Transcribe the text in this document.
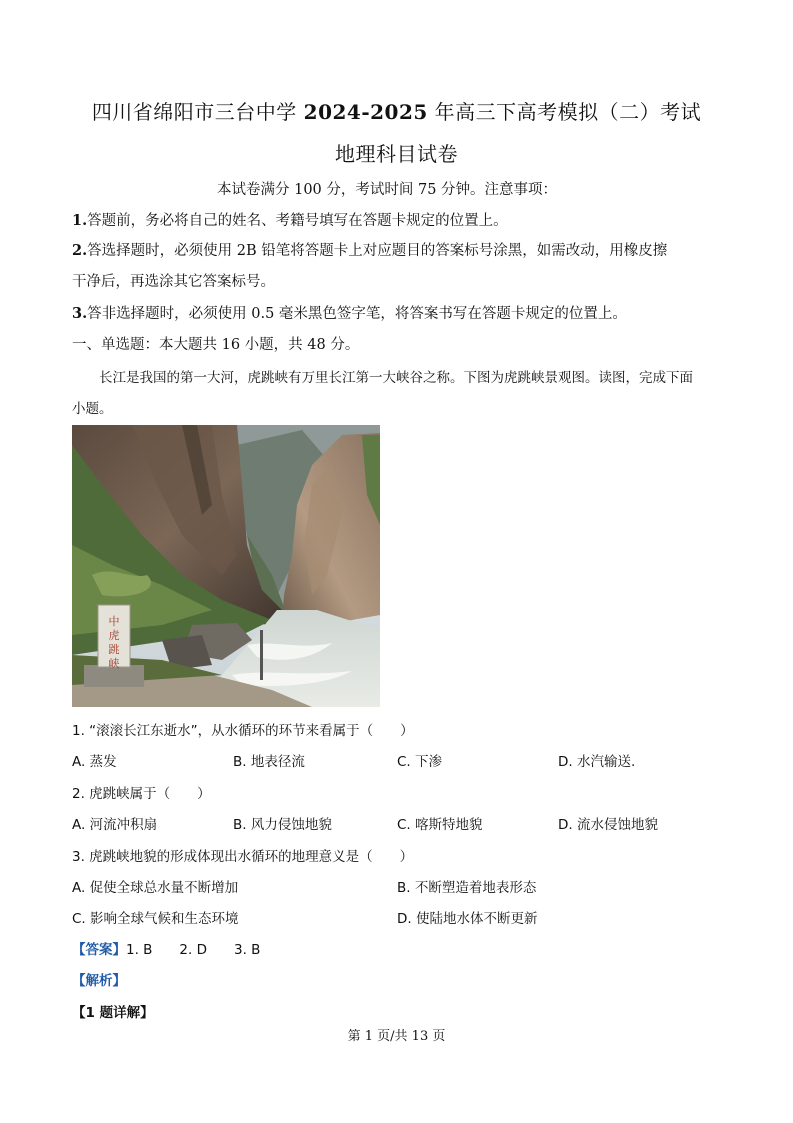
四川省绵阳市三台中学 2024-2025 年高三下高考模拟（二）考试
地理科目试卷
本试卷满分 100 分，考试时间 75 分钟。注意事项：
1.答题前，务必将自己的姓名、考籍号填写在答题卡规定的位置上。
2.答选择题时，必须使用 2B 铅笔将答题卡上对应题目的答案标号涂黑，如需改动，用橡皮擦
干净后，再选涂其它答案标号。
3.答非选择题时，必须使用 0.5 毫米黑色签字笔，将答案书写在答题卡规定的位置上。
一、单选题：本大题共 16 小题，共 48 分。
长江是我国的第一大河，虎跳峡有万里长江第一大峡谷之称。下图为虎跳峡景观图。读图，完成下面
小题。
中
虎
跳
峡
1. “滚滚长江东逝水”，从水循环的环节来看属于（　　）
A. 蒸发	B. 地表径流	C. 下渗	D. 水汽输送.
2. 虎跳峡属于（　　）
A. 河流冲积扇	B. 风力侵蚀地貌	C. 喀斯特地貌	D. 流水侵蚀地貌
3. 虎跳峡地貌的形成体现出水循环的地理意义是（　　）
A. 促使全球总水量不断增加	B. 不断塑造着地表形态
C. 影响全球气候和生态环境	D. 使陆地水体不断更新
【答案】1. B　　2. D　　3. B
【解析】
【1 题详解】
第 1 页/共 13 页
